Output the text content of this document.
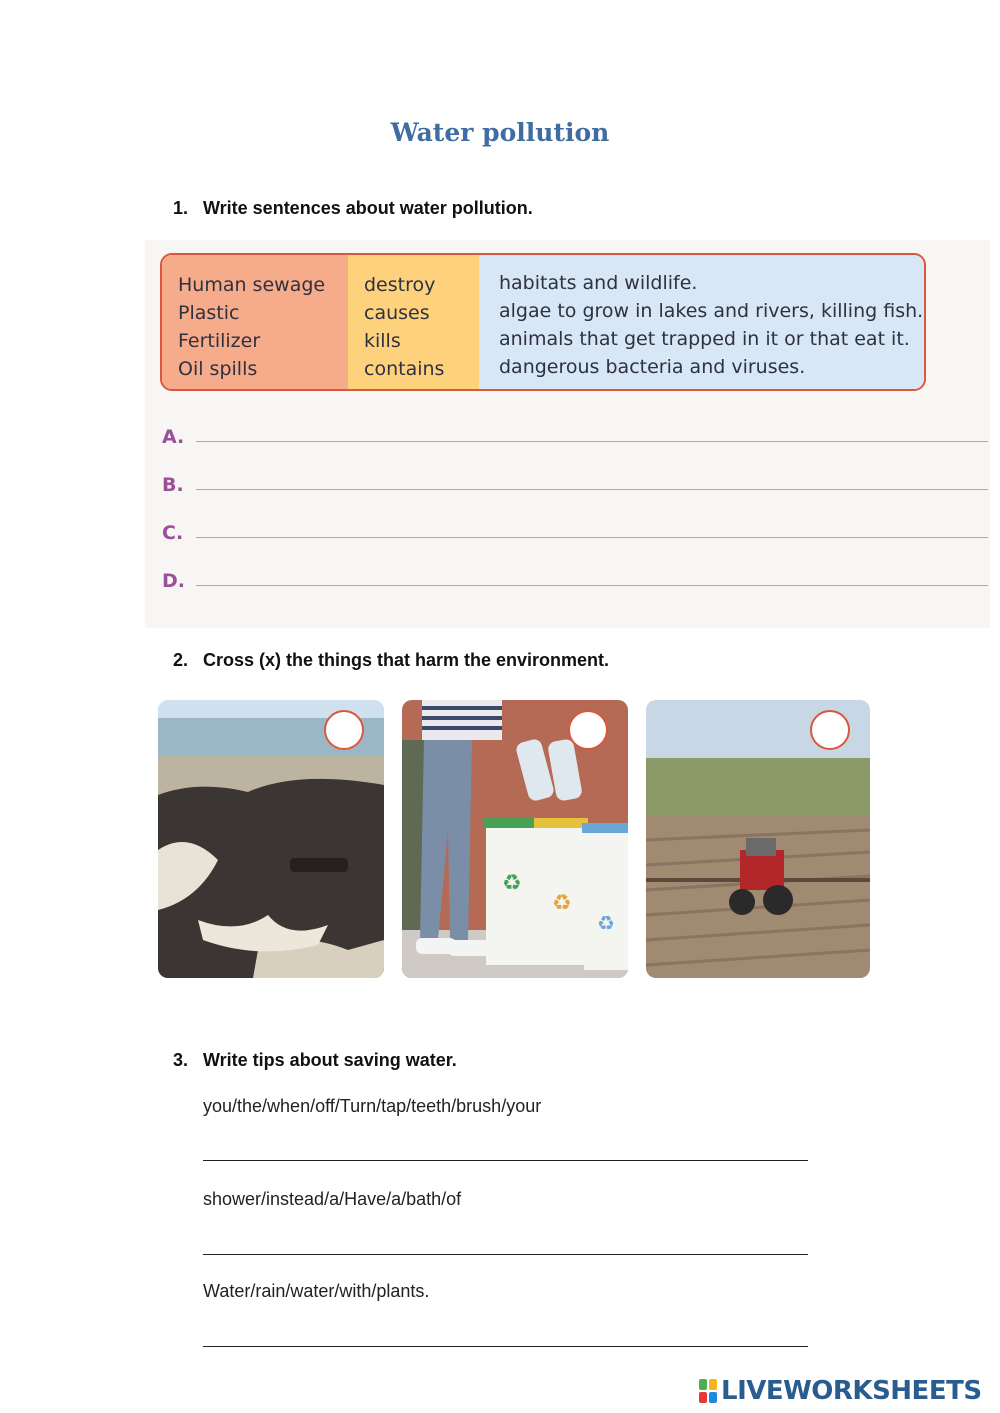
Water pollution
1. Write sentences about water pollution.
Human sewage
Plastic
Fertilizer
Oil spills
destroy
causes
kills
contains
habitats and wildlife.
algae to grow in lakes and rivers, killing fish.
animals that get trapped in it or that eat it.
dangerous bacteria and viruses.
A.
B.
C.
D.
2. Cross (x) the things that harm the environment.
♻
♻
♻
3. Write tips about saving water.
you/the/when/off/Turn/tap/teeth/brush/your
shower/instead/a/Have/a/bath/of
Water/rain/water/with/plants.
LIVEWORKSHEETS
